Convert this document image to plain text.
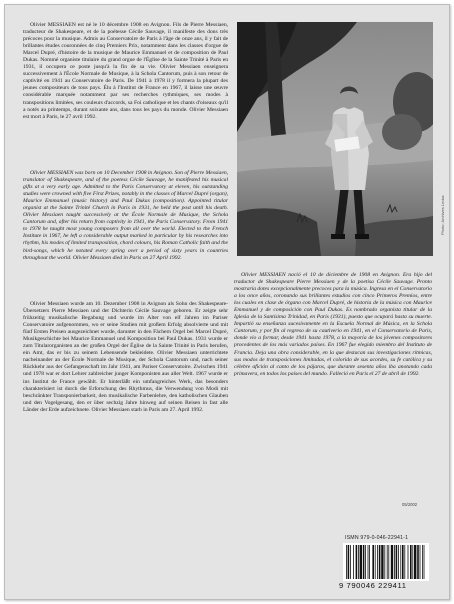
Olivier MESSIAEN est né le 10 décembre 1908 en Avignon. Fils de Pierre Messiaen, traducteur de Shakespeare, et de la poétesse Cécile Sauvage, il manifeste des dons très précoces pour la musique. Admis au Conservatoire de Paris à l'âge de onze ans, il y fait de brillantes études couronnées de cinq Premiers Prix, notamment dans les classes d'orgue de Marcel Dupré, d'histoire de la musique de Maurice Emmanuel et de composition de Paul Dukas. Nommé organiste titulaire du grand orgue de l'Église de la Sainte Trinité à Paris en 1931, il occupera ce poste jusqu'à la fin de sa vie. Olivier Messiaen enseignera successivement à l'École Normale de Musique, à la Schola Cantorum, puis à son retour de captivité en 1941 au Conservatoire de Paris. De 1941 à 1978 il y formera la plupart des jeunes compositeurs de tous pays. Élu à l'Institut de France en 1967, il laisse une œuvre considérable marquée notamment par ses recherches rythmiques, ses modes à transpositions limitées, ses couleurs d'accords, sa Foi catholique et les chants d'oiseaux qu'il a notés au printemps, durant soixante ans, dans tous les pays du monde. Olivier Messiaen est mort à Paris, le 27 avril 1992.

Olivier MESSIAEN was born on 10 December 1908 in Avignon. Son of Pierre Messiaen, translator of Shakespeare, and of the poetess Cécile Sauvage, he manifested his musical gifts at a very early age. Admitted to the Paris Conservatory at eleven, his outstanding studies were crowned with five First Prizes, notably in the classes of Marcel Dupré (organ), Maurice Emmanuel (music history) and Paul Dukas (composition). Appointed titular organist at the Sainte Trinité Church in Paris in 1931, he held the post until his death. Olivier Messiaen taught successively at the École Normale de Musique, the Schola Cantorum and, after his return from captivity in 1941, the Paris Conservatory. From 1941 to 1978 he taught most young composers from all over the world. Elected to the French Institute in 1967, he left a considerable output marked in particular by his researches into rhythm, his modes of limited transposition, chord colours, his Roman Catholic faith and the bird-songs, which he notated every spring over a period of sixty years in countries throughout the world. Olivier Messiaen died in Paris on 27 April 1992.

Olivier Messiaen wurde am 10. Dezember 1908 in Avignon als Sohn des Shakespeare-Übersetzers Pierre Messiaen und der Dichterin Cécile Sauvage geboren. Er zeigte sehr frühzeitig musikalische Begabung und wurde im Alter von elf Jahren im Pariser Conservatoire aufgenommen, wo er seine Studien mit großem Erfolg absolvierte und mit fünf Ersten Preisen ausgezeichnet wurde, darunter in den Fächern Orgel bei Marcel Dupré, Musikgeschichte bei Maurice Emmanuel und Komposition bei Paul Dukas. 1931 wurde er zum Titularorganisten an der großen Orgel der Église de la Sainte Trinité in Paris berufen, ein Amt, das er bis zu seinem Lebensende bekleidete. Olivier Messiaen unterrichtete nacheinander an der École Normale de Musique, der Schola Cantorum und, nach seiner Rückkehr aus der Gefangenschaft im Jahr 1941, am Pariser Conservatoire. Zwischen 1941 und 1978 war er dort Lehrer zahlreicher junger Komponisten aus aller Welt. 1967 wurde er ins Institut de France gewählt. Er hinterläßt ein umfangreiches Werk, das besonders charakterisiert ist durch die Erforschung des Rhythmus, die Verwendung von Modi mit beschränkter Transponierbarkeit, den musikalische Farbenlehre, den katholischen Glauben und den Vogelgesang, den er über sechzig Jahre hinweg auf seinen Reisen in fast alle Länder der Erde aufzeichnete. Olivier Messiaen starb in Paris am 27. April 1992.

Photo: Archives Leduc

Olivier MESSIAEN nació el 10 de diciembre de 1908 en Avignon. Era hijo del traductor de Shakespeare Pierre Messiaen y de la poetisa Cécile Sauvage. Pronto mostraría dotes excepcionalmente precoces para la música. Ingresa en el Conservatorio a los once años, coronando sus brillantes estudios con cinco Primeros Premios, entre los cuales en clase de órgano con Marcel Dupré, de historia de la música con Maurice Emmanuel y de composición con Paul Dukas. Es nombrado organista titular de la Iglesia de la Santísima Trinidad, en Paris (1931), puesto que ocupará hasta su muerte. Impartió su enseñanza sucesivamente en la Escuela Normal de Música, en la Schola Cantorum, y por fin al regreso de su cautiverio en 1941, en el Conservatorio de Paris, donde vio a formar, desde 1941 hasta 1978, a la mayoría de los jóvenes compositores procedentes de los más variados países. En 1967 fue elegido miembro del Instituto de Francia. Deja una obra considerable, en la que destacan sus investigaciones rítmicas, sus modos de transposiciones limitadas, el colorido de sus acordes, su fe católica y su célebre afición al canto de los pájaros, que durante sesenta años iba anotando cada primavera, en todos los países del mundo. Falleció en Paris el 27 de abril de 1992.

05/2002
ISMN 979-0-046-22941-1
9 790046 229411
